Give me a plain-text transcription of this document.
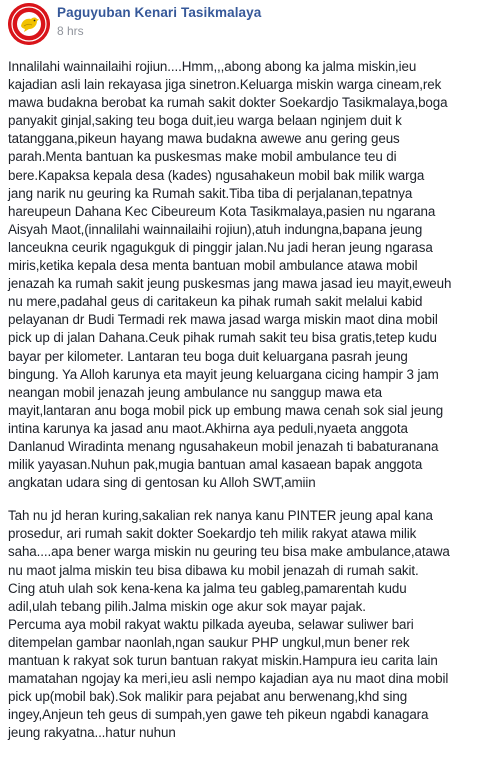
Paguyuban Kenari Tasikmalaya
8 hrs

Innalilahi wainnailaihi rojiun....Hmm,,,abong abong ka jalma miskin,ieu
kajadian asli lain rekayasa jiga sinetron.Keluarga miskin warga cineam,rek
mawa budakna berobat ka rumah sakit dokter Soekardjo Tasikmalaya,boga
panyakit ginjal,saking teu boga duit,ieu warga belaan nginjem duit k
tatanggana,pikeun hayang mawa budakna awewe anu gering geus
parah.Menta bantuan ka puskesmas make mobil ambulance teu di
bere.Kapaksa kepala desa (kades) ngusahakeun mobil bak milik warga
jang narik nu geuring ka Rumah sakit.Tiba tiba di perjalanan,tepatnya
hareupeun Dahana Kec Cibeureum Kota Tasikmalaya,pasien nu ngarana
Aisyah Maot,(innalilahi wainnailaihi rojiun),atuh indungna,bapana jeung
lanceukna ceurik ngagukguk di pinggir jalan.Nu jadi heran jeung ngarasa
miris,ketika kepala desa menta bantuan mobil ambulance atawa mobil
jenazah ka rumah sakit jeung puskesmas jang mawa jasad ieu mayit,eweuh
nu mere,padahal geus di caritakeun ka pihak rumah sakit melalui kabid
pelayanan dr Budi Termadi rek mawa jasad warga miskin maot dina mobil
pick up di jalan Dahana.Ceuk pihak rumah sakit teu bisa gratis,tetep kudu
bayar per kilometer. Lantaran teu boga duit keluargana pasrah jeung
bingung. Ya Alloh karunya eta mayit jeung keluargana cicing hampir 3 jam
neangan mobil jenazah jeung ambulance nu sanggup mawa eta
mayit,lantaran anu boga mobil pick up embung mawa cenah sok sial jeung
intina karunya ka jasad anu maot.Akhirna aya peduli,nyaeta anggota
Danlanud Wiradinta menang ngusahakeun mobil jenazah ti babaturanana
milik yayasan.Nuhun pak,mugia bantuan amal kasaean bapak anggota
angkatan udara sing di gentosan ku Alloh SWT,amiin

Tah nu jd heran kuring,sakalian rek nanya kanu PINTER jeung apal kana
prosedur, ari rumah sakit dokter Soekardjo teh milik rakyat atawa milik
saha....apa bener warga miskin nu geuring teu bisa make ambulance,atawa
nu maot jalma miskin teu bisa dibawa ku mobil jenazah di rumah sakit.
Cing atuh ulah sok kena-kena ka jalma teu gableg,pamarentah kudu
adil,ulah tebang pilih.Jalma miskin oge akur sok mayar pajak.
Percuma aya mobil rakyat waktu pilkada ayeuba, selawar suliwer bari
ditempelan gambar naonlah,ngan saukur PHP ungkul,mun bener rek
mantuan k rakyat sok turun bantuan rakyat miskin.Hampura ieu carita lain
mamatahan ngojay ka meri,ieu asli nempo kajadian aya nu maot dina mobil
pick up(mobil bak).Sok malikir para pejabat anu berwenang,khd sing
ingey,Anjeun teh geus di sumpah,yen gawe teh pikeun ngabdi kanagara
jeung rakyatna...hatur nuhun
